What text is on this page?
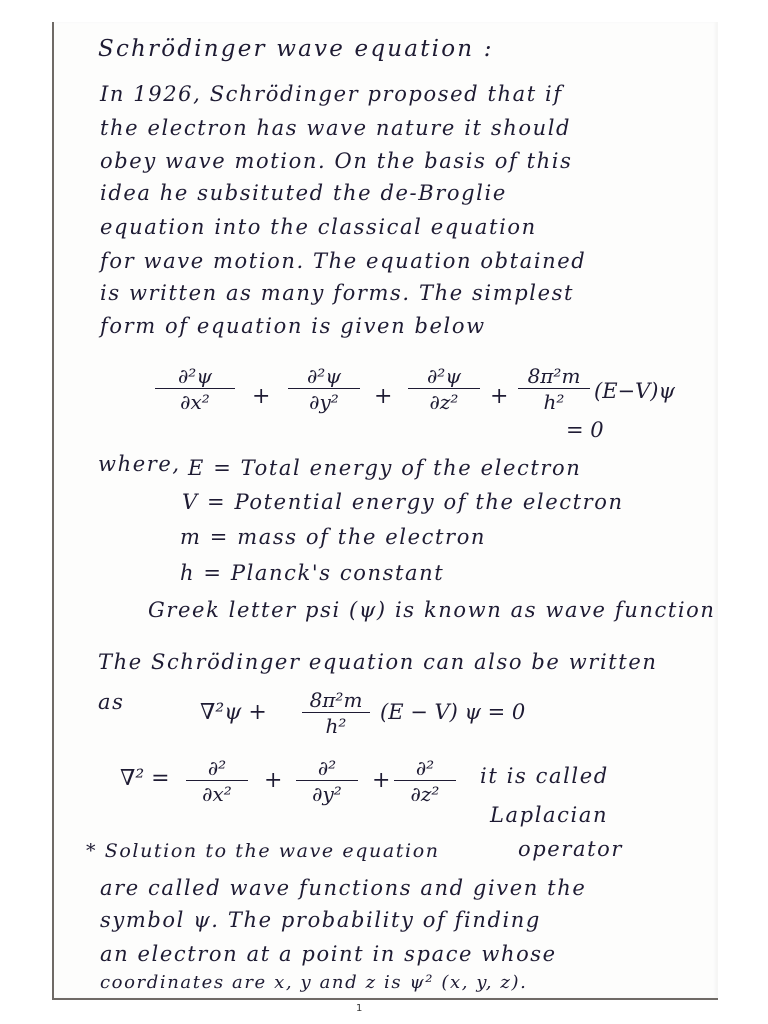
Schrödinger wave equation :
In 1926, Schrödinger proposed that if
the electron has wave nature it should
obey wave motion. On the basis of this
idea he subsituted the de-Broglie
equation into the classical equation
for wave motion. The equation obtained
is written as many forms. The simplest
form of equation is given below
$\frac{\text{∂²ψ}}{\text{∂x²}} + \frac{\text{∂²ψ}}{\text{∂y²}} + \frac{\text{∂²ψ}}{\text{∂z²}} + \frac{\text{8π²m}}{\text{h²}} (E-V)\psi$
= 0
where, E = Total energy of the electron
V = Potential energy of the electron
m = mass of the electron
h = Planck's constant
Greek letter psi (ψ) is known as wave function
The Schrödinger equation can also be written
as	$\nabla^2\psi + \frac{\text{8π²m}}{\text{h²}} (E - V) \psi = 0$
∇² =	∂²
∂x²
+	∂²
∂y²
+	∂²
∂z²
it is called
Laplacian
operator
* Solution to the wave equation
are called wave functions and given the
symbol ψ. The probability of finding
an electron at a point in space whose
coordinates are x, y and z is ψ² (x, y, z).
1
